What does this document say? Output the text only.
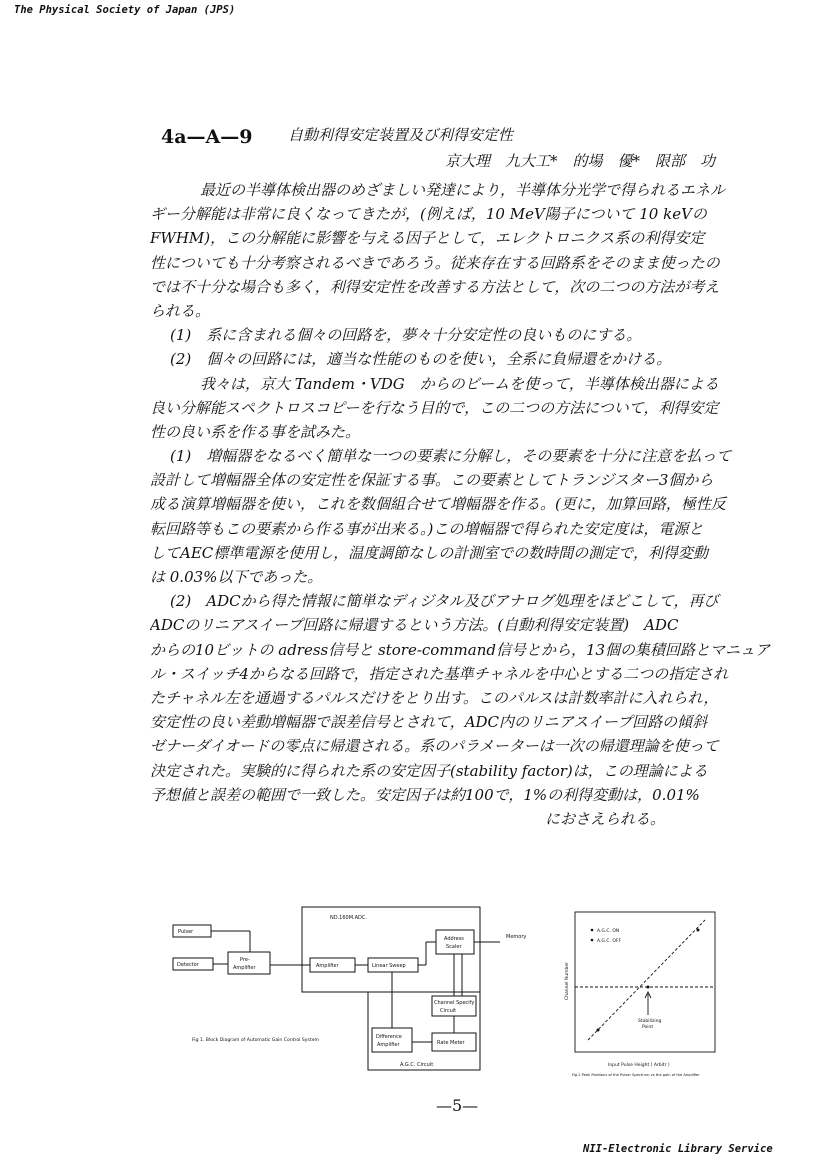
The Physical Society of Japan (JPS)
4a—A—9 自動利得安定装置及び利得安定性
京大理　九大工*　的場　優*　限部　功
最近の半導体検出器のめざましい発達により，半導体分光学で得られるエネル
ギー分解能は非常に良くなってきたが，(例えば，10 MeV陽子について 10 keVの
FWHM)，この分解能に影響を与える因子として，エレクトロニクス系の利得安定
性についても十分考察されるべきであろう。従来存在する回路系をそのまま使ったの
では不十分な場合も多く，利得安定性を改善する方法として，次の二つの方法が考え
られる。
(1)　系に含まれる個々の回路を，夢々十分安定性の良いものにする。
(2)　個々の回路には，適当な性能のものを使い，全系に負帰還をかける。
我々は，京大 Tandem・VDG　からのビームを使って，半導体検出器による
良い分解能スペクトロスコピーを行なう目的で，この二つの方法について，利得安定
性の良い系を作る事を試みた。
(1)　増幅器をなるべく簡単な一つの要素に分解し，その要素を十分に注意を払って
設計して増幅器全体の安定性を保証する事。この要素としてトランジスター3個から
成る演算増幅器を使い，これを数個組合せて増幅器を作る。(更に，加算回路，極性反
転回路等もこの要素から作る事が出来る。)この増幅器で得られた安定度は，電源と
してAEC標準電源を使用し，温度調節なしの計測室での数時間の測定で，利得変動
は 0.03%以下であった。
(2)　ADCから得た情報に簡単なディジタル及びアナログ処理をほどこして，再び
ADCのリニアスイープ回路に帰還するという方法。(自動利得安定装置)　ADC
からの10ビットの adress信号と store-command信号とから，13個の集積回路とマニュア
ル・スイッチ4からなる回路で，指定された基準チャネルを中心とする二つの指定され
たチャネル左を通過するパルスだけをとり出す。このパルスは計数率計に入れられ，
安定性の良い差動増幅器で誤差信号とされて，ADC内のリニアスイープ回路の傾斜
ゼナーダイオードの零点に帰還される。系のパラメーターは一次の帰還理論を使って
決定された。実験的に得られた系の安定因子(stability factor)は，この理論による
予想値と誤差の範囲で一致した。安定因子は約100で，1%の利得変動は，0.01%
におさえられる。
Pulser
Detector
Pre-
Amplifier
ND.160M.ADC.
Amplifier	Linear Sweep
Address
Scaler
Memory
Channel Specify
Circuit
Difference
Amplifier	Rate Meter
A.G.C. Circuit
Fig 1. Block Diagram of Automatic Gain Control System
A.G.C. ON
A.G.C. OFF
Stabilizing
Point
Input Pulse Height ( Arbitr )
Channel Number
Fig.2 Peak Positions of the Pulser Spectrum vs the gain of the Amplifier
—5—
NII-Electronic Library Service
